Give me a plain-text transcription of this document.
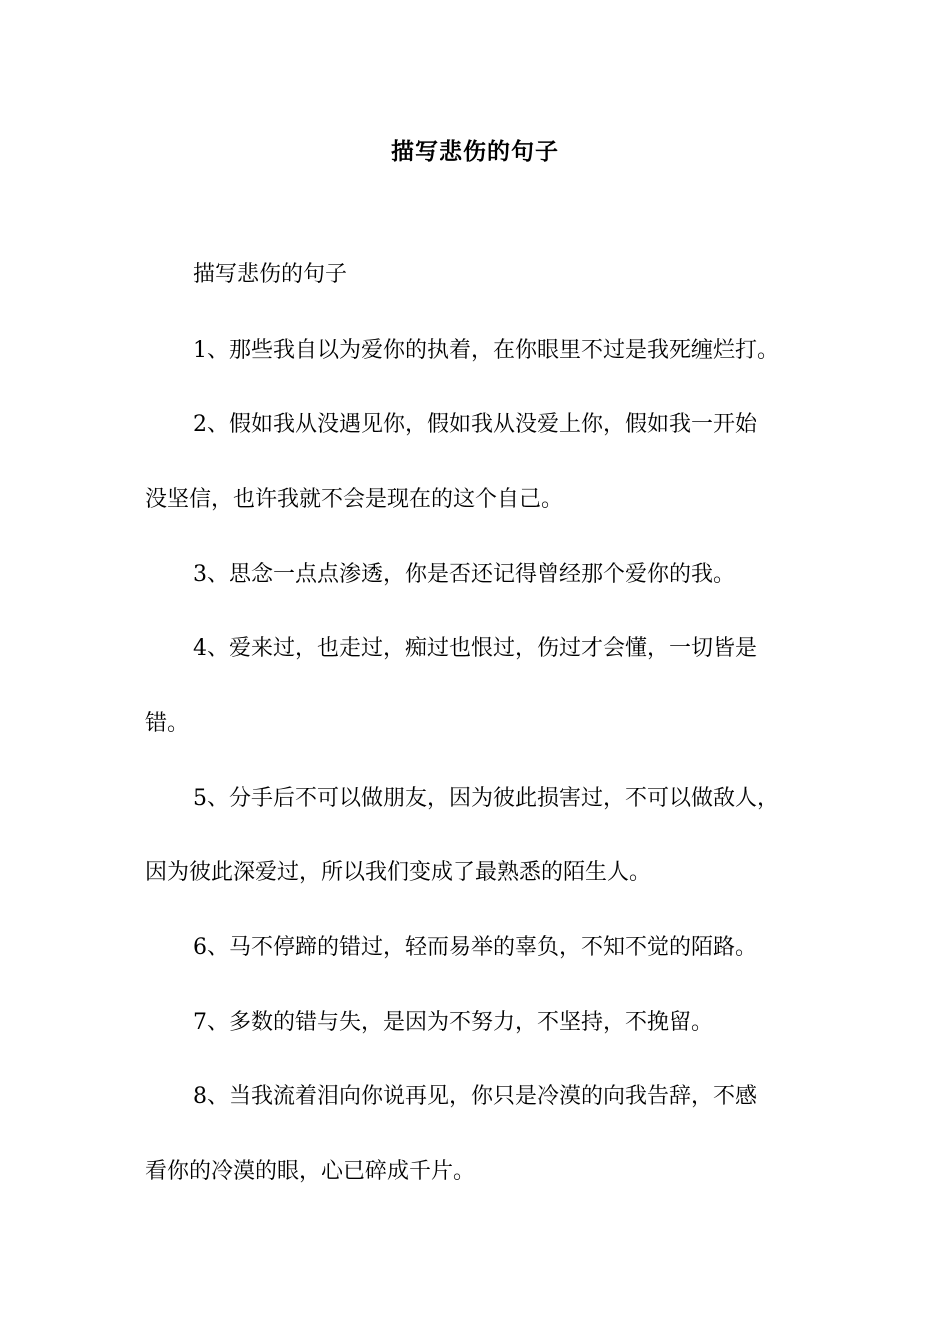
描写悲伤的句子

描写悲伤的句子

1、那些我自以为爱你的执着，在你眼里不过是我死缠烂打。

2、假如我从没遇见你，假如我从没爱上你，假如我一开始

没坚信，也许我就不会是现在的这个自己。

3、思念一点点渗透，你是否还记得曾经那个爱你的我。

4、爱来过，也走过，痴过也恨过，伤过才会懂，一切皆是

错。

5、分手后不可以做朋友，因为彼此损害过，不可以做敌人，

因为彼此深爱过，所以我们变成了最熟悉的陌生人。

6、马不停蹄的错过，轻而易举的辜负，不知不觉的陌路。

7、多数的错与失，是因为不努力，不坚持，不挽留。

8、当我流着泪向你说再见，你只是冷漠的向我告辞，不感

看你的冷漠的眼，心已碎成千片。
